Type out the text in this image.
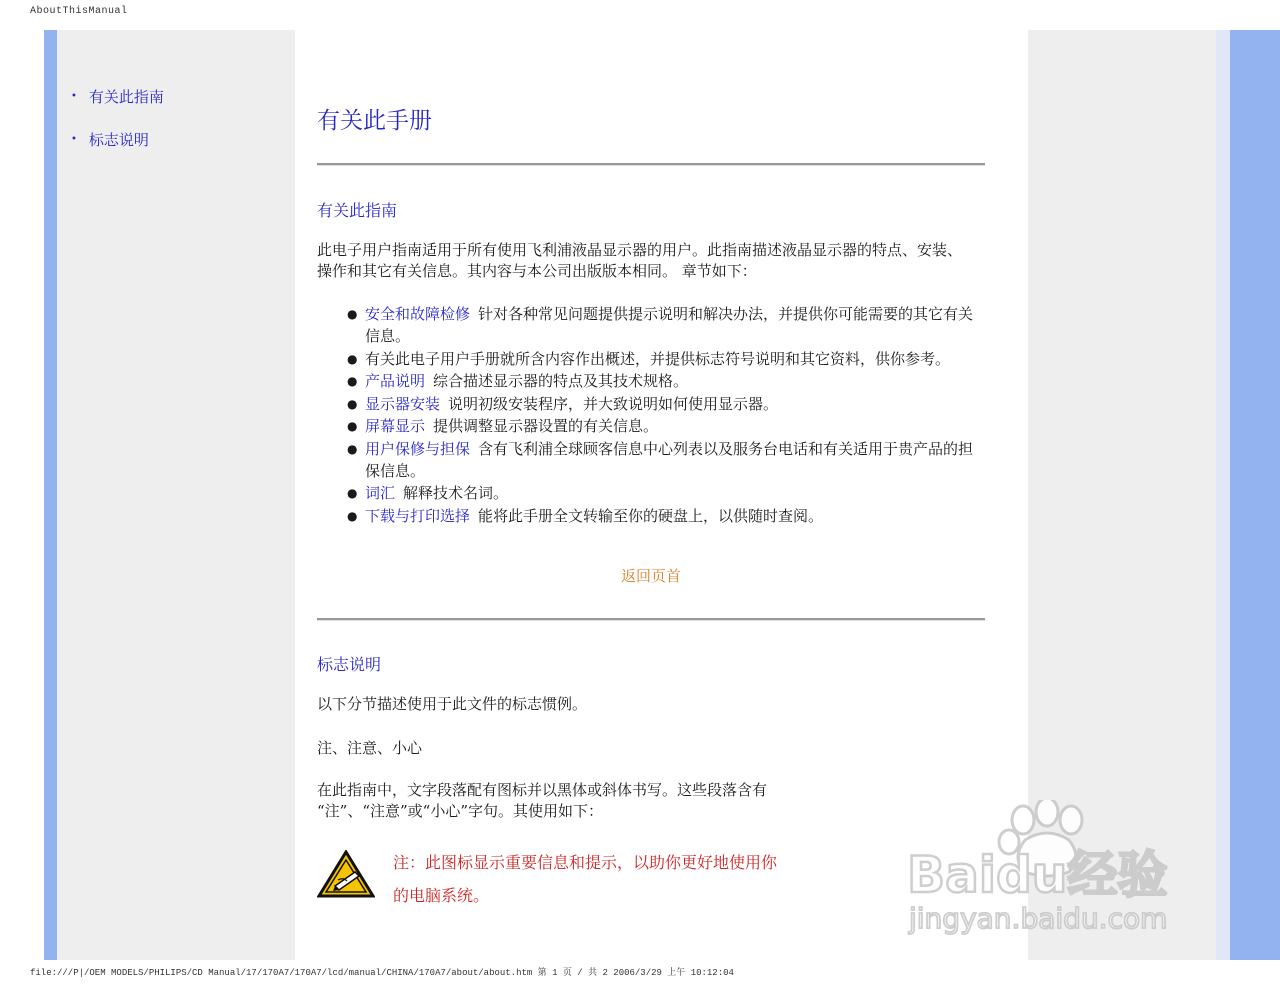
AboutThisManual
• 有关此指南
• 标志说明
有关此手册
有关此指南

此电子用户指南适用于所有使用飞利浦液晶显示器的用户。此指南描述液晶显示器的特点、安装、操作和其它有关信息。其内容与本公司出版版本相同。 章节如下：

● 安全和故障检修 针对各种常见问题提供提示说明和解决办法，并提供你可能需要的其它有关信息。
● 有关此电子用户手册就所含内容作出概述，并提供标志符号说明和其它资料，供你参考。
● 产品说明 综合描述显示器的特点及其技术规格。
● 显示器安装 说明初级安装程序，并大致说明如何使用显示器。
● 屏幕显示 提供调整显示器设置的有关信息。
● 用户保修与担保 含有飞利浦全球顾客信息中心列表以及服务台电话和有关适用于贵产品的担保信息。
● 词汇 解释技术名词。
● 下载与打印选择 能将此手册全文转输至你的硬盘上，以供随时查阅。
返回页首
标志说明

以下分节描述使用于此文件的标志惯例。

注、注意、小心

在此指南中，文字段落配有图标并以黑体或斜体书写。这些段落含有

“注”、“注意”或“小心”字句。其使用如下：

注：此图标显示重要信息和提示，以助你更好地使用你
的电脑系统。	Baidu经验
jingyan.baidu.com
file:///P|/OEM MODELS/PHILIPS/CD Manual/17/170A7/170A7/lcd/manual/CHINA/170A7/about/about.htm 第 1 页 / 共 2 2006/3/29 上午 10:12:04
